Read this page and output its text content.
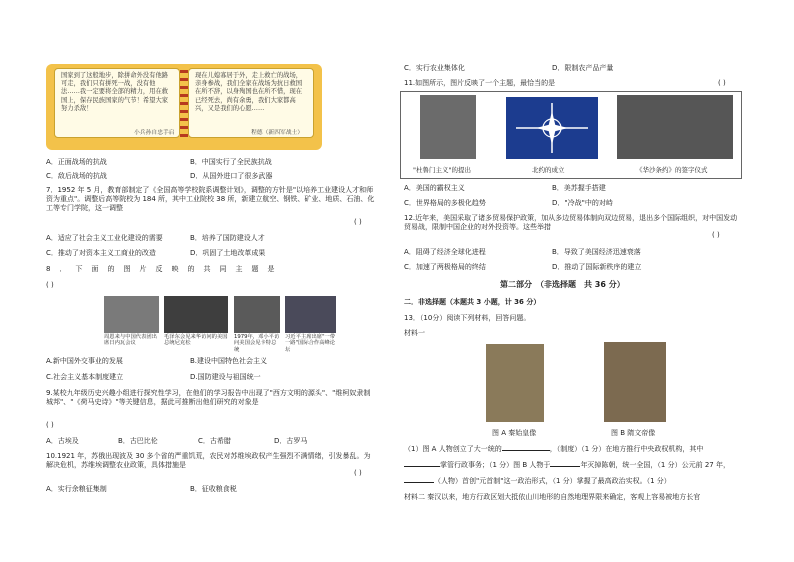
国家到了这般地步，除拼命外没有他路可走，我们只有拼死一战，没有他法……我一定要将全部的精力，用在救国上，保存民族国家的气节！希望大家努力杀敌！
现在儿媳寡居于外，走上救亡的战场，亲身参战，我们全家在战场为抗日救国在所不辞，以身殉国也在所不惜，现在已经死去，尚有余勇，我们大家都高兴，又是我们的心愿……
小兵孙自忠手启	程德（新四军战士）
A．正面战场的抗战	B．中国实行了全民族抗战
C．敌后战场的抗战	D．从国外进口了很多武器
7．1952 年 5 月，教育部制定了《全国高等学校院系调整计划》，调整的方针是"以培养工业建设人才和师资为重点"。调整后高等院校为 184 所，其中工业院校 38 所，新建立航空、钢铁、矿业、地质、石油、化工等专门学院，这一调整
( )
A．适应了社会主义工业化建设的需要	B．培养了国防建设人才
C．推动了对资本主义工商业的改造	D．巩固了土地改革成果
8．下面的图片反映的共同主题是
( )
周恩来与中国代表团出席日内瓦会议
毛泽东会见来华访问的美国总统尼克松
1979年，邓小平访问美国会见卡特总统
习近平主席出席"一带一路"国际合作高峰论坛
A.新中国外交事业的发展	B.建设中国特色社会主义
C.社会主义基本制度建立	D.国防建设与祖国统一
9.某校九年级历史兴趣小组进行探究性学习，在他们的学习报告中出现了"西方文明的源头"、"维柯奴隶制城邦"、"《荷马史诗》"等关键信息，据此可推断出他们研究的对象是
( )
A．古埃及	B．古巴比伦	C．古希腊	D．古罗马
10.1921 年，苏俄出现波及 30 多个省的严重饥荒，农民对苏维埃政权产生强烈不满情绪，引发暴乱。为解决危机，苏维埃调整农业政策，具体措施是
( )
A．实行余粮征集制	B．征收粮食税
C．实行农业集体化	D．限制农产品产量
11.如图所示，图片反映了一个主题，最恰当的是	( )
"杜鲁门主义"的提出	北约的成立	《华沙条约》的签字仪式
A．美国的霸权主义	B．美苏握手搭建
C．世界格局的多极化趋势	D．"冷战"中的对峙
12.近年来，美国采取了诸多贸易保护政策，加从多边贸易体制向双边贸易，退出多个国际组织，对中国发动贸易战，限制中国企业的对外投资等。这些举措
( )
A．阻碍了经济全球化进程	B．导致了美国经济迅速衰落
C．加速了两极格局的终结	D．推动了国际新秩序的建立
第二部分　（非选择题　共 36 分）
二．非选择题（本题共 3 小题，计 36 分）
13．（10分）阅读下列材料，回答问题。
材料一
图 A 秦始皇像	图 B 隋文帝像
（1）图 A 人物创立了大一统的	，（制度）（1 分）在地方推行中央政权机构，其中
掌管行政事务；（1 分）图 B 人物于	年灭掉陈朝，统一全国，（1 分）公元前 27 年，
（人物）首创"元首制"这一政治形式，（1 分）掌握了最高政治实权。（1 分）
材料二 秦汉以来，地方行政区划大抵依山川地形的自然地理界限来确定，客观上容易被地方长官
